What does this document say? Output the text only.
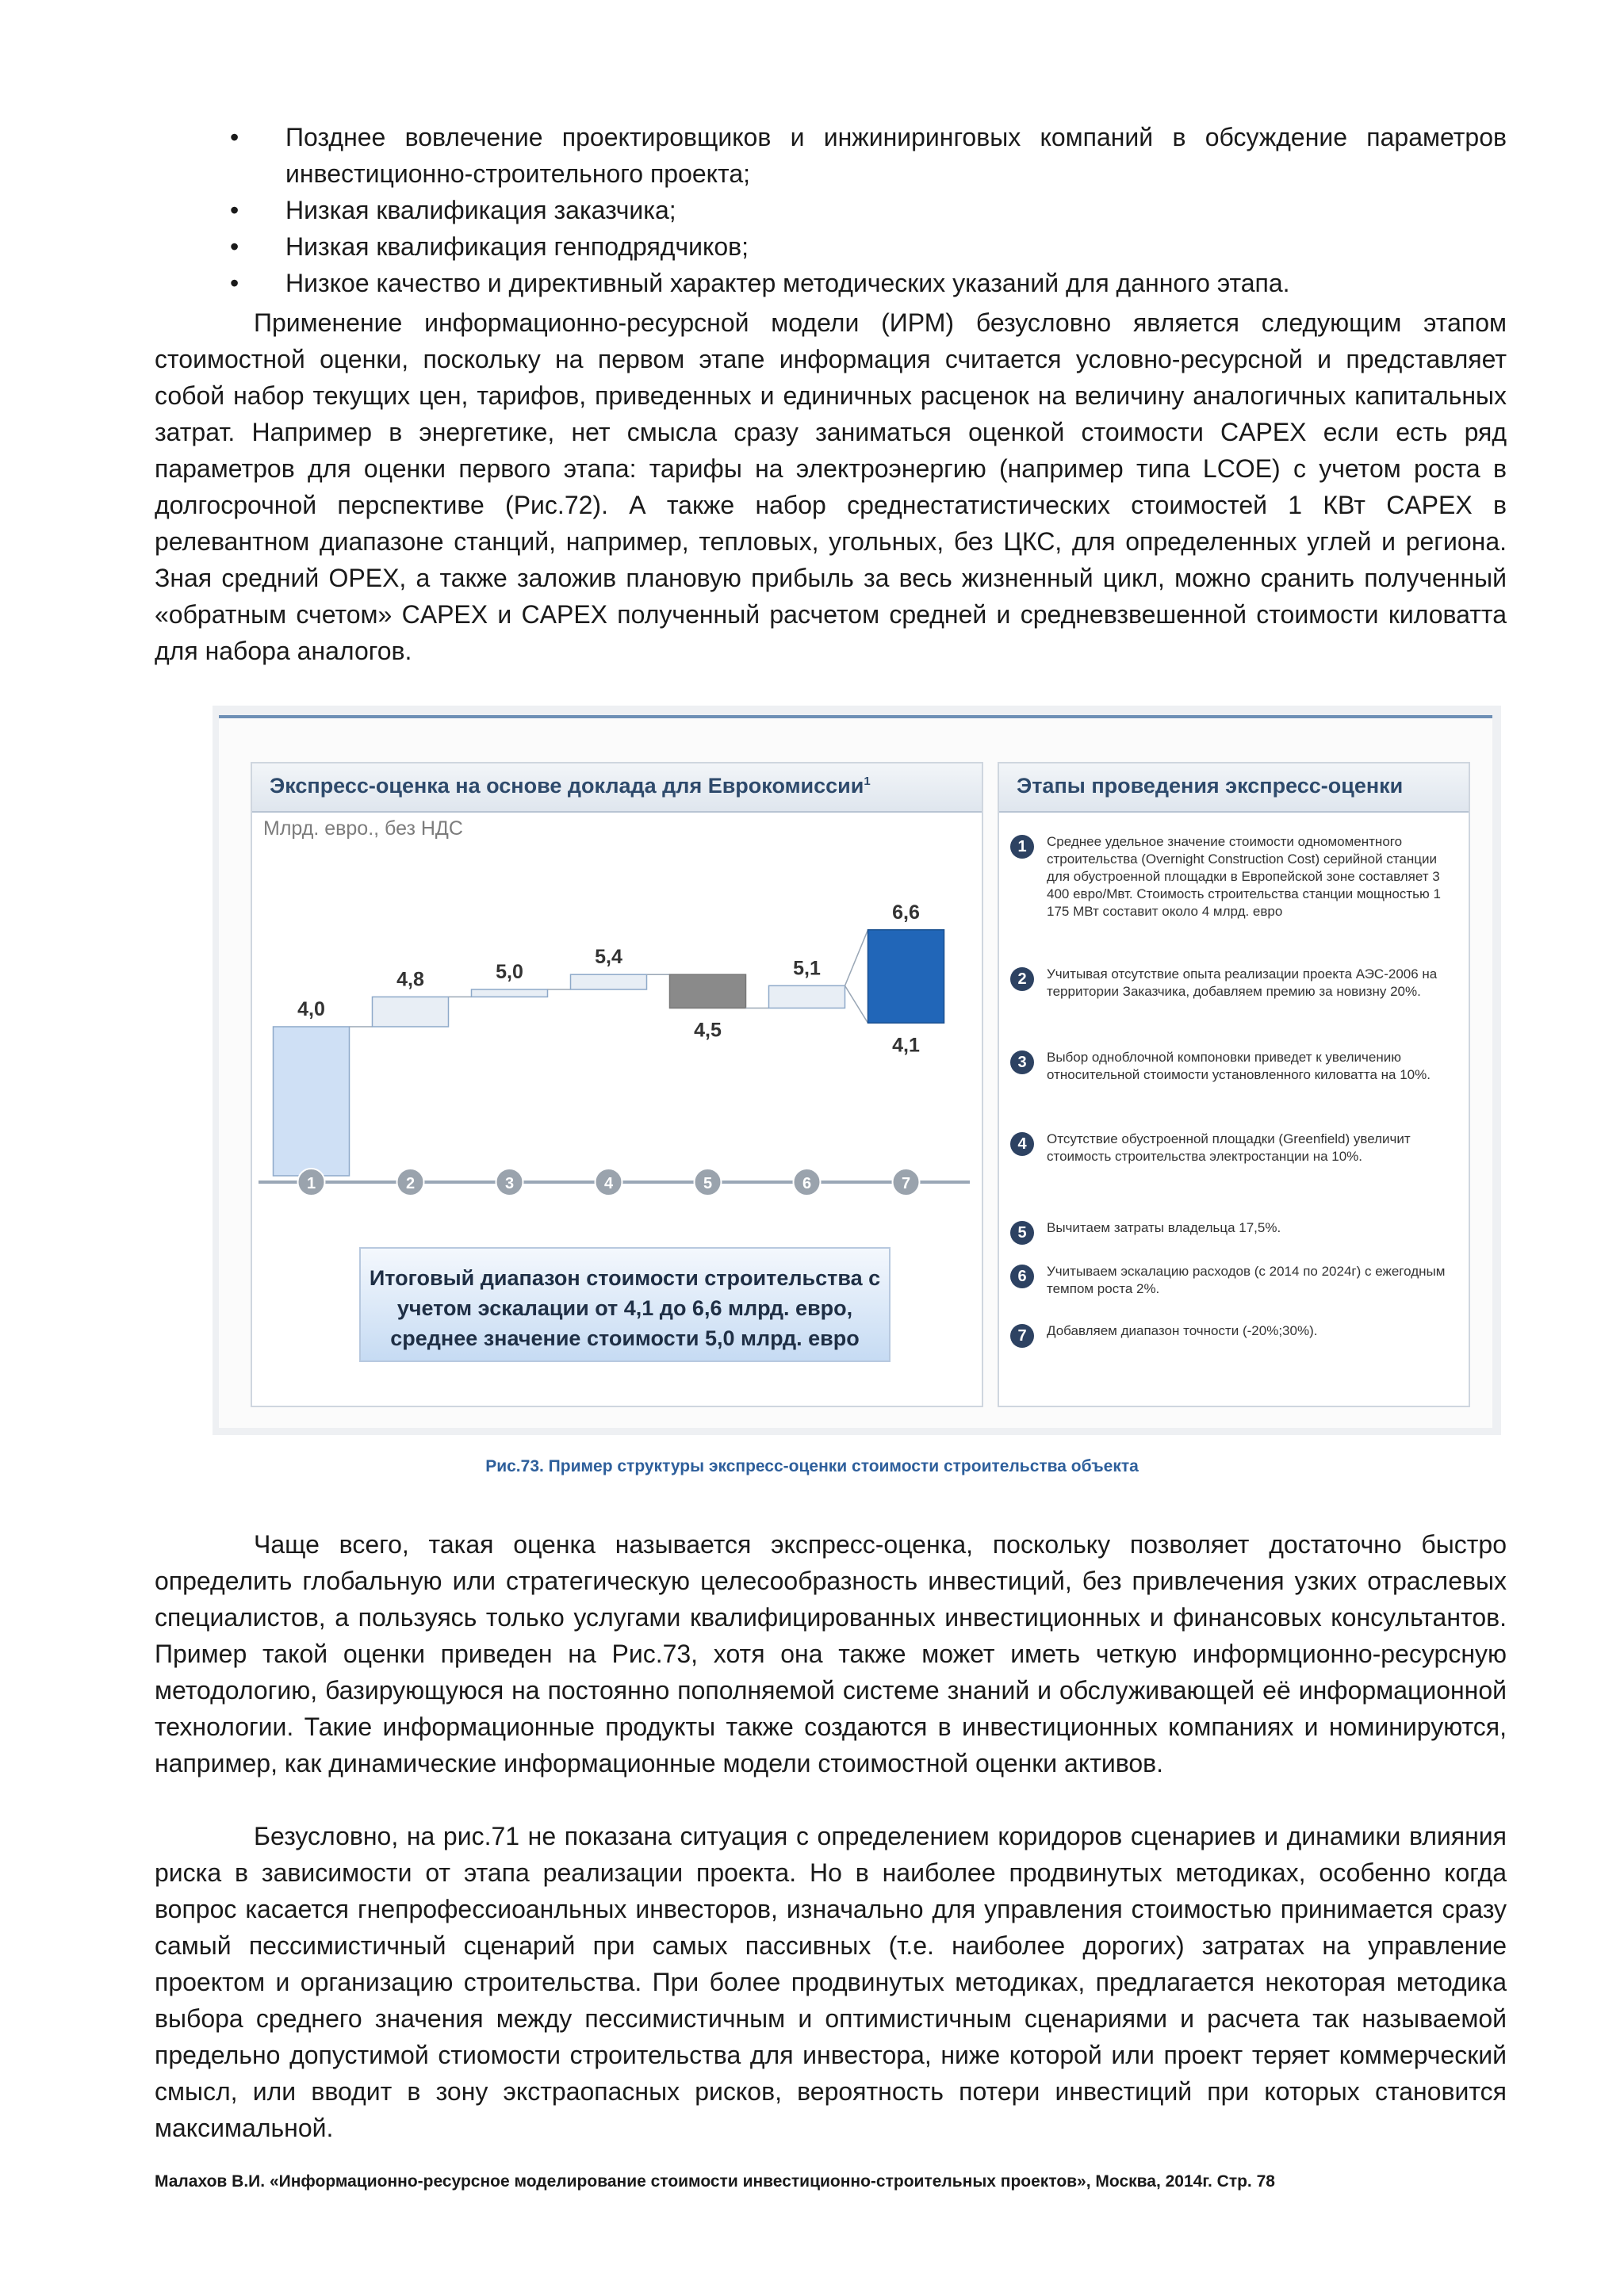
•
Позднее вовлечение проектировщиков и инжиниринговых компаний в обсуждение параметров инвестиционно-строительного проекта;
•
Низкая квалификация заказчика;
•
Низкая квалификация генподрядчиков;
•
Низкое качество и директивный характер методических указаний для данного этапа.
Применение информационно-ресурсной модели (ИРМ) безусловно является следующим этапом стоимостной оценки, поскольку на первом этапе информация считается условно-ресурсной и представляет собой набор текущих цен, тарифов, приведенных и единичных расценок на величину аналогичных капитальных затрат. Например в энергетике, нет смысла сразу заниматься оценкой стоимости CAPEX если есть ряд параметров для оценки первого этапа: тарифы на электроэнергию (например типа LCOE) с учетом роста в долгосрочной перспективе (Рис.72). А также набор среднестатистических стоимостей 1 КВт CAPEX в релевантном диапазоне станций, например, тепловых, угольных, без ЦКС, для определенных углей и региона. Зная средний OPEX, а также заложив плановую прибыль за весь жизненный цикл, можно сранить полученный «обратным счетом» CAPEX и CAPEX полученный расчетом средней и средневзвешенной стоимости киловатта для набора аналогов.
Экспресс-оценка на основе доклада для Еврокомиссии$^1$
Млрд. евро., без НДС
4,0
1
4,8
2
5,0
3
5,4
4
4,5
5
5,1
6
6,6
4,1
7
Итоговый диапазон стоимости строительства с учетом эскалации от 4,1 до 6,6 млрд. евро, среднее значение стоимости 5,0 млрд. евро
Этапы проведения экспресс-оценки
1	Среднее удельное значение стоимости одномоментного строительства (Overnight Construction Cost) серийной станции для обустроенной площадки в Европейской зоне составляет 3 400 евро/Мвт. Стоимость строительства станции мощностью 1 175 МВт составит около 4 млрд. евро
2	Учитывая отсутствие опыта реализации проекта АЭС-2006 на территории Заказчика, добавляем премию за новизну 20%.
3	Выбор одноблочной компоновки приведет к увеличению относительной стоимости установленного киловатта на 10%.
4	Отсутствие обустроенной площадки (Greenfield) увеличит стоимость строительства электростанции на 10%.
5	Вычитаем затраты владельца 17,5%.
6	Учитываем эскалацию расходов (с 2014 по 2024г) с ежегодным темпом роста 2%.
7	Добавляем диапазон точности (-20%;30%).
Рис.73. Пример структуры экспресс-оценки стоимости строительства объекта
Чаще всего, такая оценка называется экспресс-оценка, поскольку позволяет достаточно быстро определить глобальную или стратегическую целесообразность инвестиций, без привлечения узких отраслевых специалистов, а пользуясь только услугами квалифицированных инвестиционных и финансовых консультантов. Пример такой оценки приведен на Рис.73, хотя она также может иметь четкую информционно-ресурсную методологию, базирующуюся на постоянно пополняемой системе знаний и обслуживающей её информационной технологии. Такие информационные продукты также создаются в инвестиционных компаниях и номинируются, например, как динамические информационные модели стоимостной оценки активов.
Безусловно, на рис.71 не показана ситуация с определением коридоров сценариев и динамики влияния риска в зависимости от этапа реализации проекта. Но в наиболее продвинутых методиках, особенно когда вопрос касается гнепрофессиоанльных инвесторов, изначально для управления стоимостью принимается сразу самый пессимистичный сценарий при самых пассивных (т.е. наиболее дорогих) затратах на управление проектом и организацию строительства. При более продвинутых методиках, предлагается некоторая методика выбора среднего значения между пессимистичным и оптимистичным сценариями и расчета так называемой предельно допустимой стиомости строительства для инвестора, ниже которой или проект теряет коммерческий смысл, или вводит в зону экстраопасных рисков, вероятность потери инвестиций при которых становится максимальной.
Малахов В.И. «Информационно-ресурсное моделирование стоимости инвестиционно-строительных проектов», Москва, 2014г. Стр. 78
